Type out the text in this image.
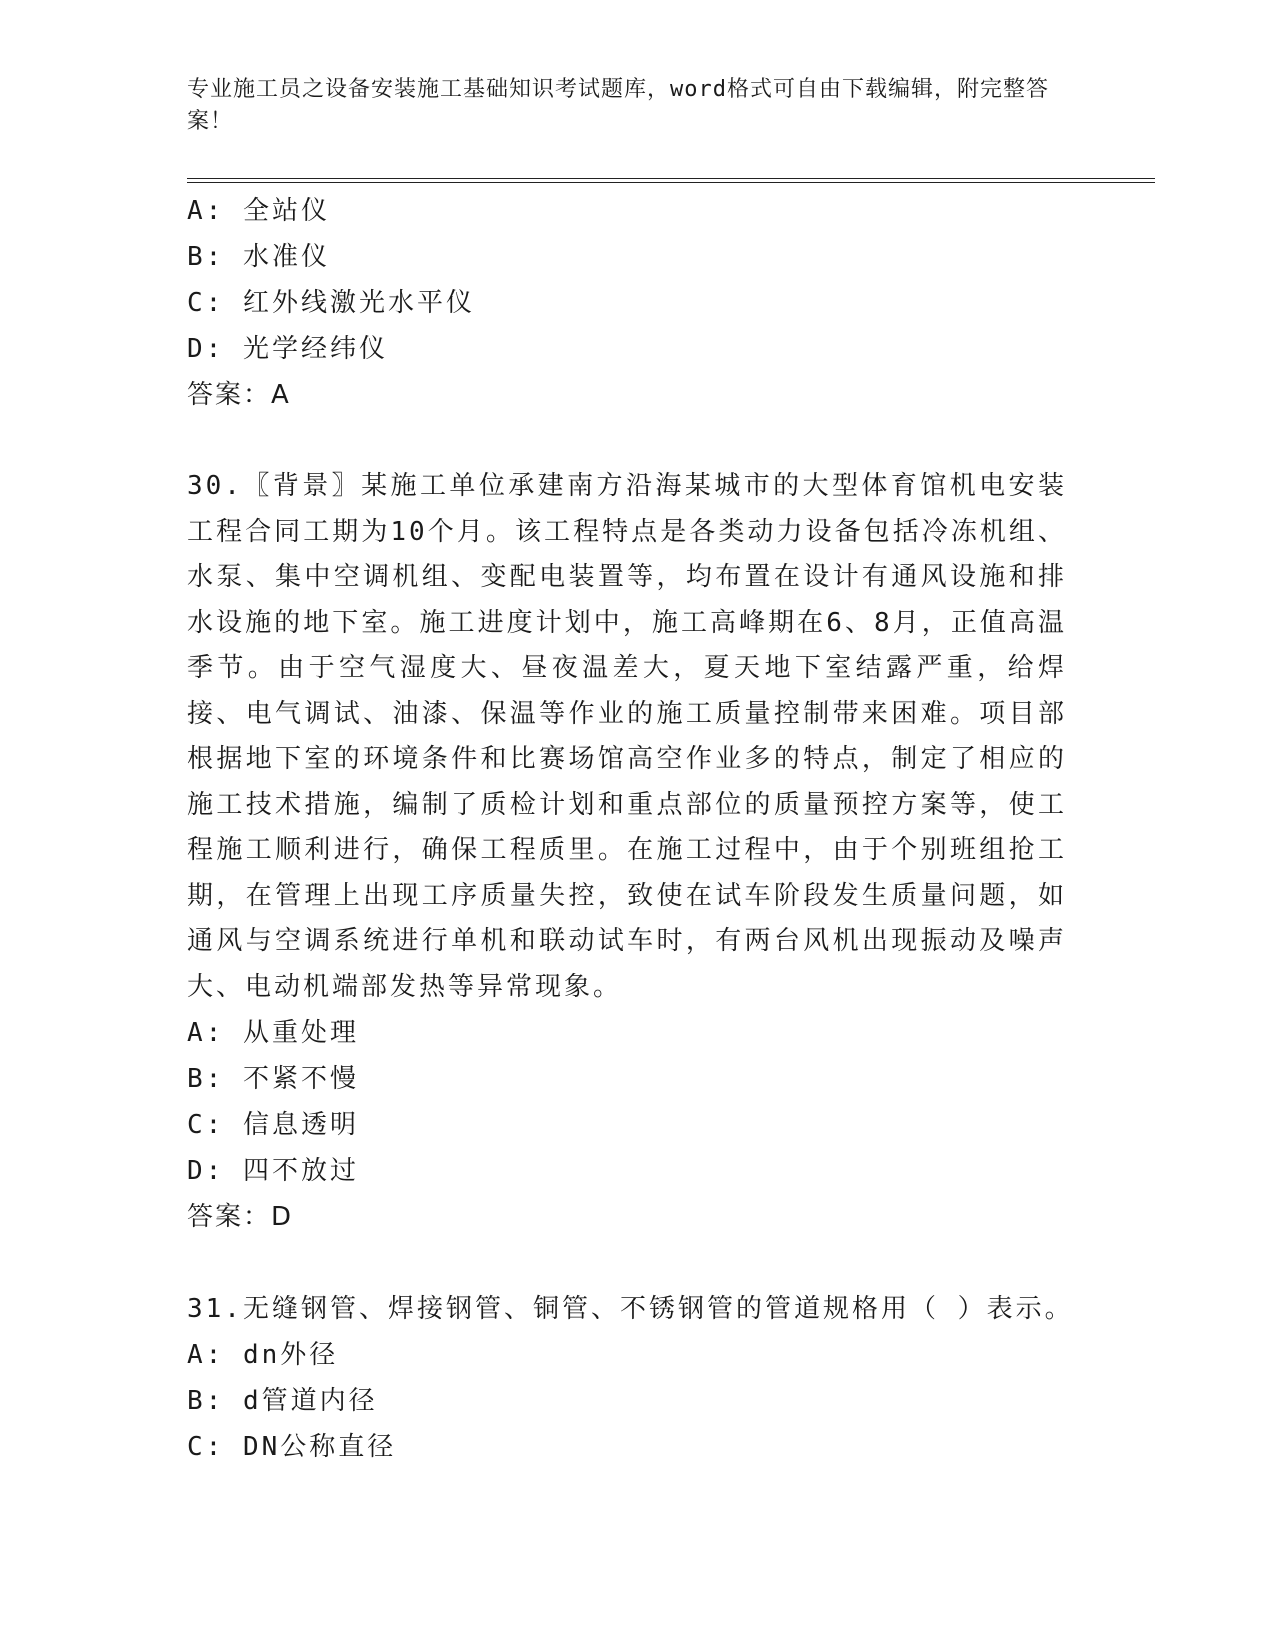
专业施工员之设备安装施工基础知识考试题库，word格式可自由下载编辑，附完整答案！
A: 全站仪
B: 水准仪
C: 红外线激光水平仪
D: 光学经纬仪
答案：A
30.〖背景〗某施工单位承建南方沿海某城市的大型体育馆机电安装工程合同工期为10个月。该工程特点是各类动力设备包括冷冻机组、水泵、集中空调机组、变配电装置等，均布置在设计有通风设施和排水设施的地下室。施工进度计划中，施工高峰期在6、8月，正值高温季节。由于空气湿度大、昼夜温差大，夏天地下室结露严重，给焊接、电气调试、油漆、保温等作业的施工质量控制带来困难。项目部根据地下室的环境条件和比赛场馆高空作业多的特点，制定了相应的施工技术措施，编制了质检计划和重点部位的质量预控方案等，使工程施工顺利进行，确保工程质里。在施工过程中，由于个别班组抢工期，在管理上出现工序质量失控，致使在试车阶段发生质量问题，如通风与空调系统进行单机和联动试车时，有两台风机出现振动及噪声大、电动机端部发热等异常现象。
A: 从重处理
B: 不紧不慢
C: 信息透明
D: 四不放过
答案：D
31.无缝钢管、焊接钢管、铜管、不锈钢管的管道规格用（ ）表示。
A: dn外径
B: d管道内径
C: DN公称直径
